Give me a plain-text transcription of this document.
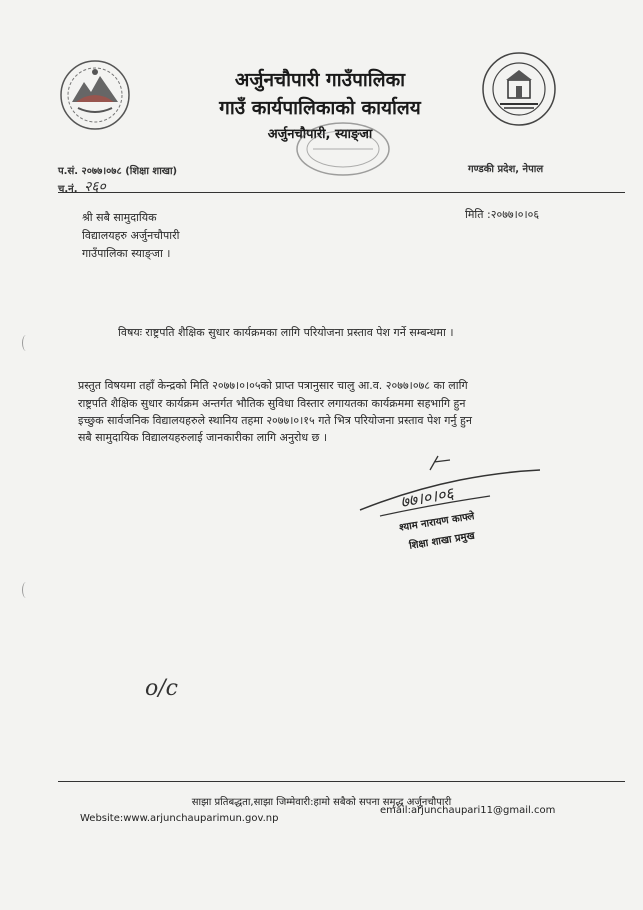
अर्जुनचौपारी गाउँपालिका
गाउँ कार्यपालिकाको कार्यालय
अर्जुनचौपारी, स्याङ्जा
प.सं. २०७७।०७८ (शिक्षा शाखा)
च.नं. २६०
गण्डकी प्रदेश, नेपाल
श्री सबै सामुदायिक
विद्यालयहरु अर्जुनचौपारी
गाउँपालिका स्याङ्जा ।
मिति :२०७७।०।०६
विषयः राष्ट्रपति शैक्षिक सुधार कार्यक्रमका लागि परियोजना प्रस्ताव पेश गर्ने सम्बन्धमा ।
प्रस्तुत विषयमा तहाँ केन्द्रको मिति २०७७।०।०५को प्राप्त पत्रानुसार चालु आ.व. २०७७।०७८ का लागि
राष्ट्रपति शैक्षिक सुधार कार्यक्रम अन्तर्गत भौतिक सुविधा विस्तार लगायतका कार्यक्रममा सहभागि हुन
इच्छुक सार्वजनिक विद्यालयहरुले स्थानिय तहमा २०७७।०।१५ गते भित्र परियोजना प्रस्ताव पेश गर्नु हुन
सबै सामुदायिक विद्यालयहरुलाई जानकारीका लागि अनुरोध छ ।
७७।०।०६
श्याम नारायण काफ्ले
शिक्षा शाखा प्रमुख
o/c
साझा प्रतिबद्धता,साझा जिम्मेवारी:हामो सबैको सपना समृद्ध अर्जुनचौपारी
Website:www.arjunchauparimun.gov.np
email:arjunchaupari11@gmail.com
